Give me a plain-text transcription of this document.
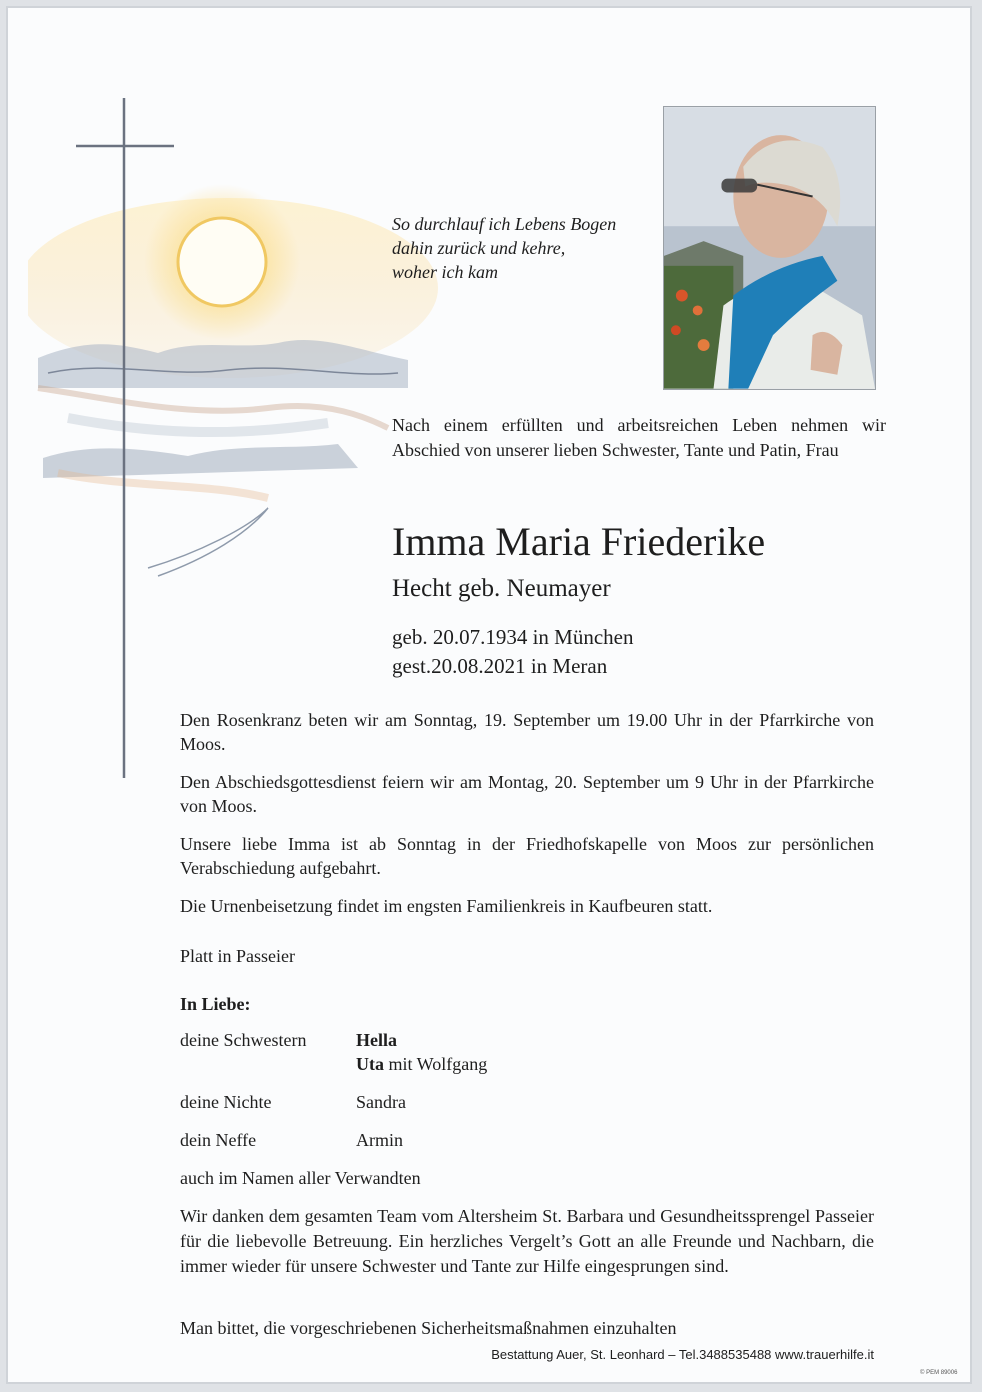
So durchlauf ich Lebens Bogen
dahin zurück und kehre,
woher ich kam
Nach einem erfüllten und arbeitsreichen Leben nehmen wir Abschied von unserer lieben Schwester, Tante und Patin, Frau
Imma Maria Friederike
Hecht geb. Neumayer
geb. 20.07.1934 in München
gest.20.08.2021 in Meran

Den Rosenkranz beten wir am Sonntag, 19. September um 19.00 Uhr in der Pfarrkirche von Moos.

Den Abschiedsgottesdienst feiern wir am Montag, 20. September um 9 Uhr in der Pfarrkirche von Moos.

Unsere liebe Imma ist ab Sonntag in der Friedhofskapelle von Moos zur persönlichen Verabschiedung aufgebahrt.

Die Urnenbeisetzung findet im engsten Familienkreis in Kaufbeuren statt.

Platt in Passeier
In Liebe:
deine Schwestern	Hella
Uta mit Wolfgang
deine Nichte	Sandra
dein Neffe	Armin
auch im Namen aller Verwandten
Wir danken dem gesamten Team vom Altersheim St. Barbara und Gesundheitssprengel Passeier für die liebevolle Betreuung. Ein herzliches Vergelt’s Gott an alle Freunde und Nachbarn, die immer wieder für unsere Schwester und Tante zur Hilfe eingesprungen sind.
Man bittet, die vorgeschriebenen Sicherheitsmaßnahmen einzuhalten
Bestattung Auer, St. Leonhard – Tel.3488535488 www.trauerhilfe.it
© PEM 89006
